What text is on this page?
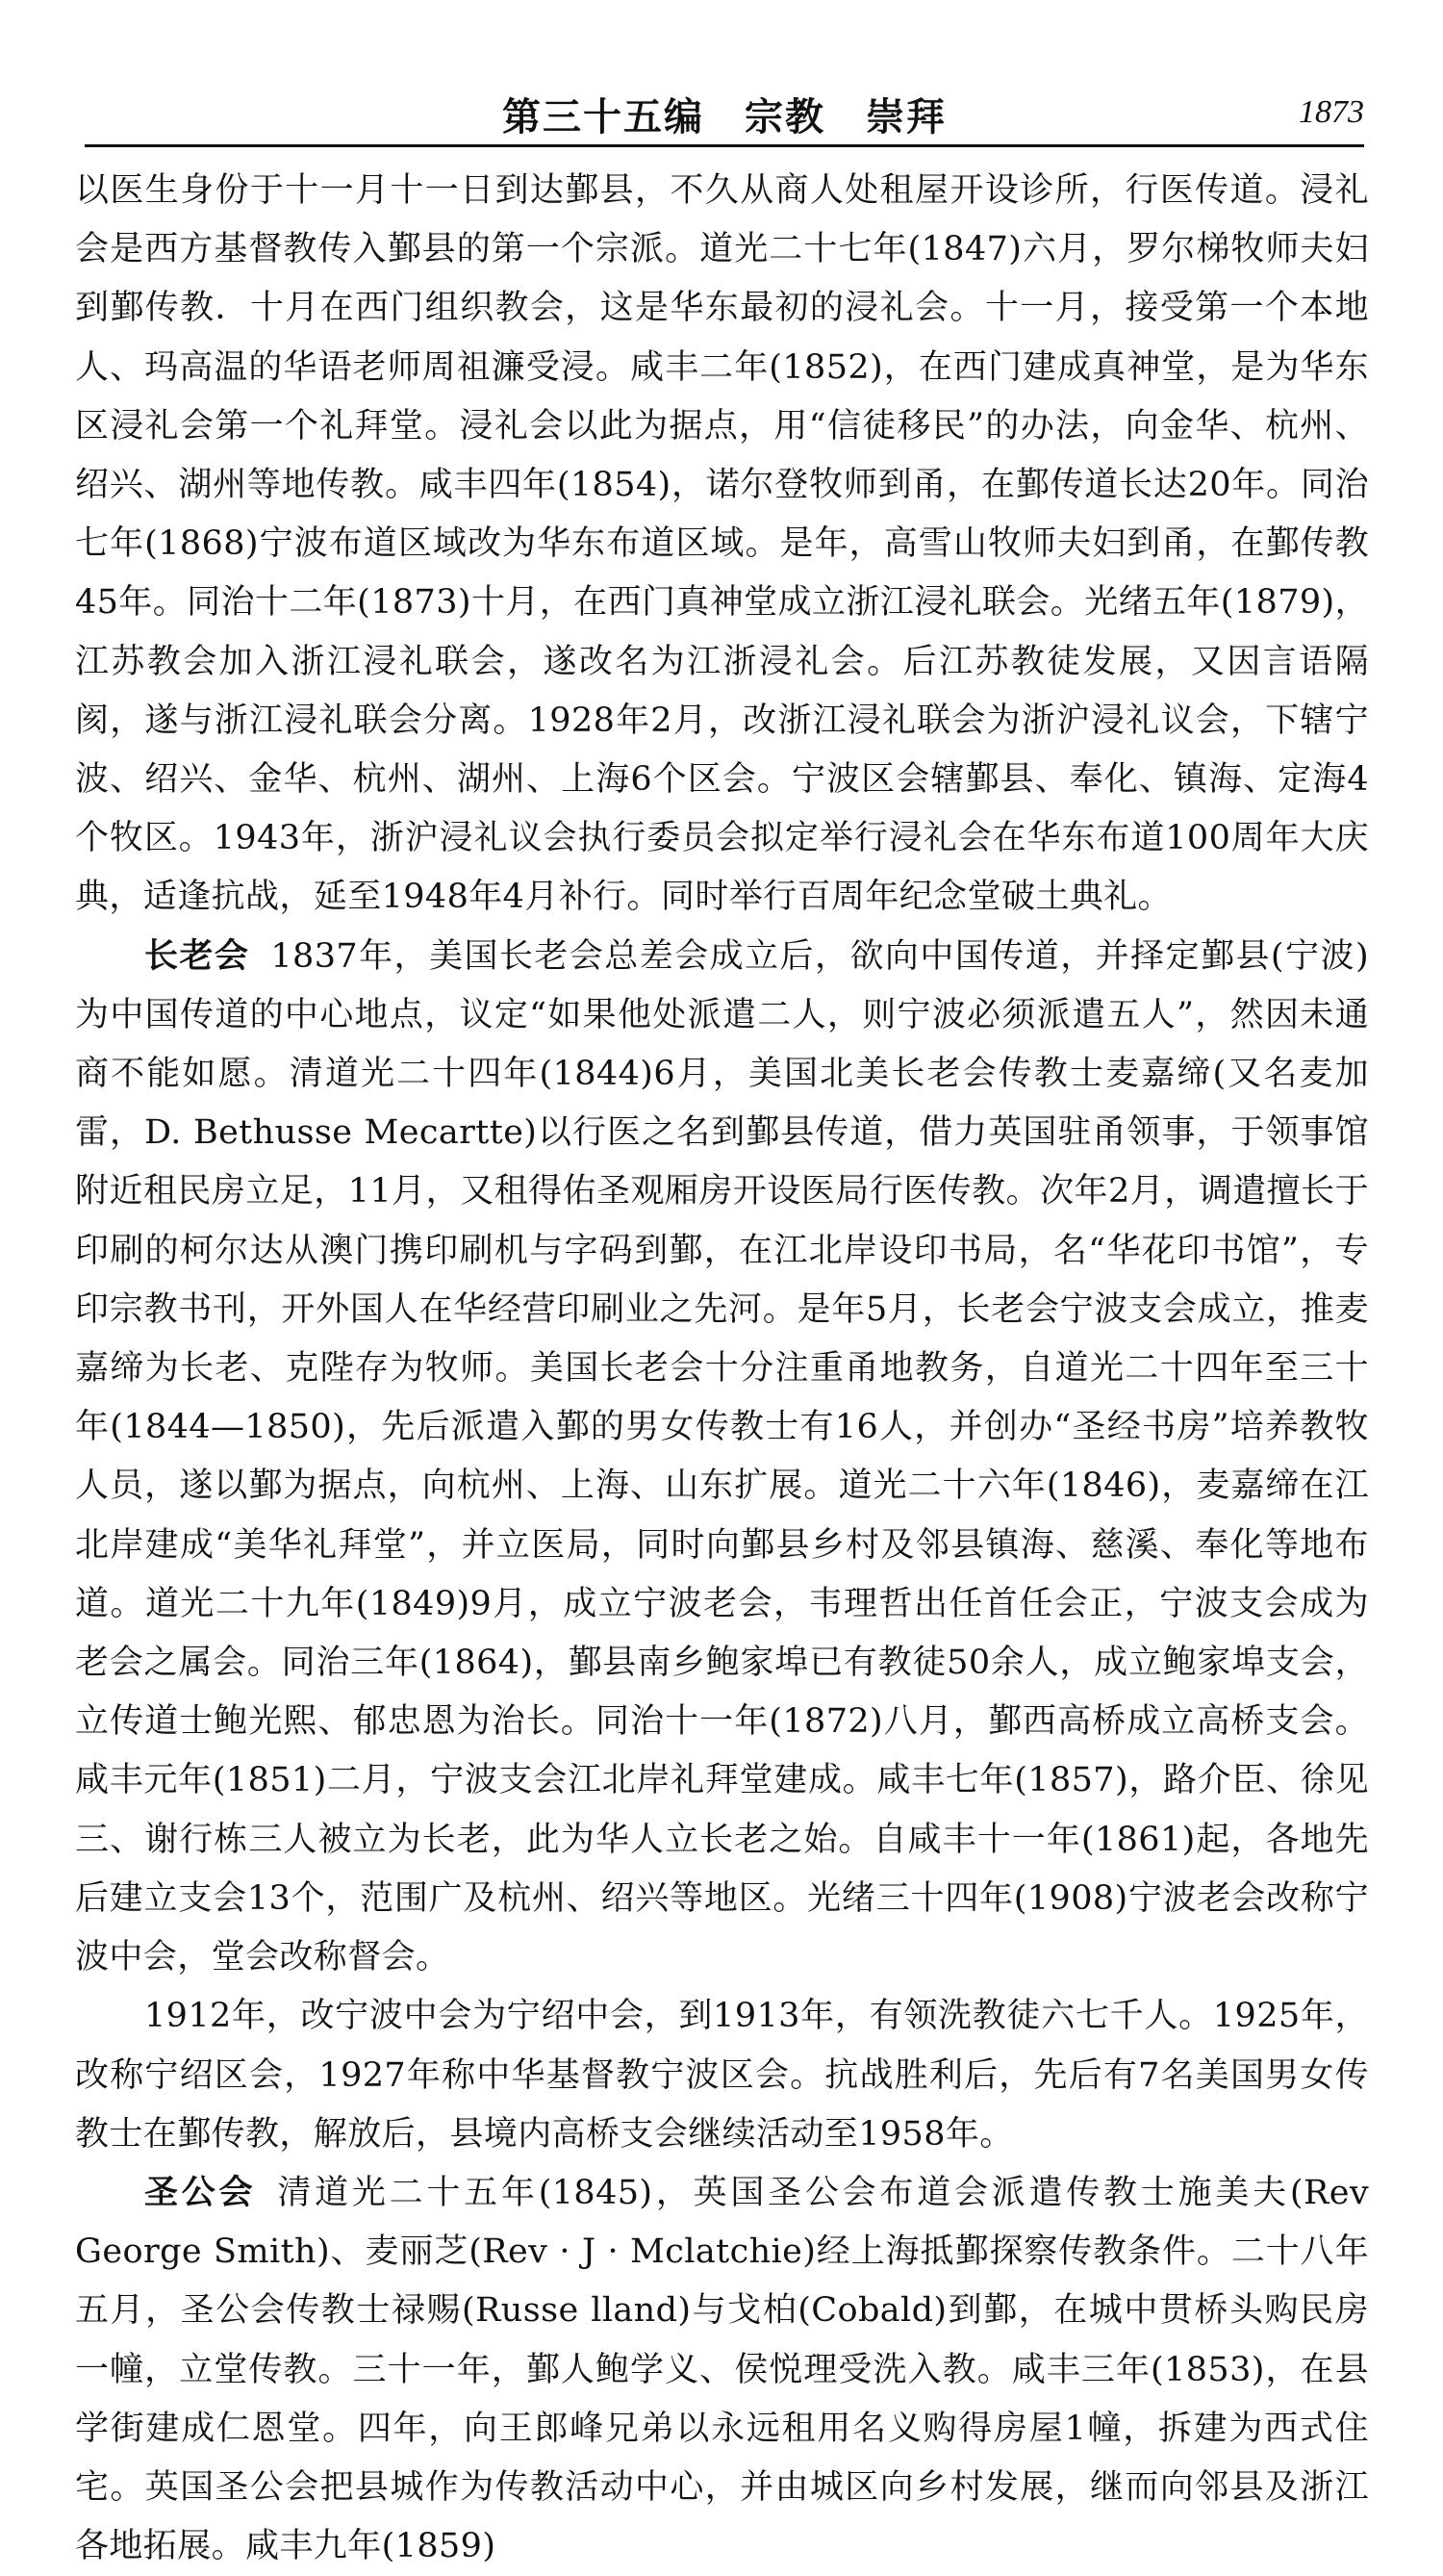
第三十五编　宗教　崇拜	1873

以医生身份于十一月十一日到达鄞县，不久从商人处租屋开设诊所，行医传道。浸礼会是西方基督教传入鄞县的第一个宗派。道光二十七年(1847)六月，罗尔梯牧师夫妇到鄞传教．十月在西门组织教会，这是华东最初的浸礼会。十一月，接受第一个本地人、玛高温的华语老师周祖濂受浸。咸丰二年(1852)，在西门建成真神堂，是为华东区浸礼会第一个礼拜堂。浸礼会以此为据点，用“信徒移民”的办法，向金华、杭州、绍兴、湖州等地传教。咸丰四年(1854)，诺尔登牧师到甬，在鄞传道长达20年。同治七年(1868)宁波布道区域改为华东布道区域。是年，高雪山牧师夫妇到甬，在鄞传教45年。同治十二年(1873)十月，在西门真神堂成立浙江浸礼联会。光绪五年(1879)，江苏教会加入浙江浸礼联会，遂改名为江浙浸礼会。后江苏教徒发展，又因言语隔阂，遂与浙江浸礼联会分离。1928年2月，改浙江浸礼联会为浙沪浸礼议会，下辖宁波、绍兴、金华、杭州、湖州、上海6个区会。宁波区会辖鄞县、奉化、镇海、定海4个牧区。1943年，浙沪浸礼议会执行委员会拟定举行浸礼会在华东布道100周年大庆典，适逢抗战，延至1948年4月补行。同时举行百周年纪念堂破土典礼。

长老会 1837年，美国长老会总差会成立后，欲向中国传道，并择定鄞县(宁波)为中国传道的中心地点，议定“如果他处派遣二人，则宁波必须派遣五人”，然因未通商不能如愿。清道光二十四年(1844)6月，美国北美长老会传教士麦嘉缔(又名麦加雷，D. Bethusse Mecartte)以行医之名到鄞县传道，借力英国驻甬领事，于领事馆附近租民房立足，11月，又租得佑圣观厢房开设医局行医传教。次年2月，调遣擅长于印刷的柯尔达从澳门携印刷机与字码到鄞，在江北岸设印书局，名“华花印书馆”，专印宗教书刊，开外国人在华经营印刷业之先河。是年5月，长老会宁波支会成立，推麦嘉缔为长老、克陛存为牧师。美国长老会十分注重甬地教务，自道光二十四年至三十年(1844—1850)，先后派遣入鄞的男女传教士有16人，并创办“圣经书房”培养教牧人员，遂以鄞为据点，向杭州、上海、山东扩展。道光二十六年(1846)，麦嘉缔在江北岸建成“美华礼拜堂”，并立医局，同时向鄞县乡村及邻县镇海、慈溪、奉化等地布道。道光二十九年(1849)9月，成立宁波老会，韦理哲出任首任会正，宁波支会成为老会之属会。同治三年(1864)，鄞县南乡鲍家埠已有教徒50余人，成立鲍家埠支会，立传道士鲍光熙、郁忠恩为治长。同治十一年(1872)八月，鄞西高桥成立高桥支会。咸丰元年(1851)二月，宁波支会江北岸礼拜堂建成。咸丰七年(1857)，路介臣、徐见三、谢行栋三人被立为长老，此为华人立长老之始。自咸丰十一年(1861)起，各地先后建立支会13个，范围广及杭州、绍兴等地区。光绪三十四年(1908)宁波老会改称宁波中会，堂会改称督会。

1912年，改宁波中会为宁绍中会，到1913年，有领洗教徒六七千人。1925年，改称宁绍区会，1927年称中华基督教宁波区会。抗战胜利后，先后有7名美国男女传教士在鄞传教，解放后，县境内高桥支会继续活动至1958年。

圣公会 清道光二十五年(1845)，英国圣公会布道会派遣传教士施美夫(Rev George Smith)、麦丽芝(Rev · J · Mclatchie)经上海抵鄞探察传教条件。二十八年五月，圣公会传教士禄赐(Russe lland)与戈柏(Cobald)到鄞，在城中贯桥头购民房一幢，立堂传教。三十一年，鄞人鲍学义、侯悦理受洗入教。咸丰三年(1853)，在县学街建成仁恩堂。四年，向王郎峰兄弟以永远租用名义购得房屋1幢，拆建为西式住宅。英国圣公会把县城作为传教活动中心，并由城区向乡村发展，继而向邻县及浙江各地拓展。咸丰九年(1859)
